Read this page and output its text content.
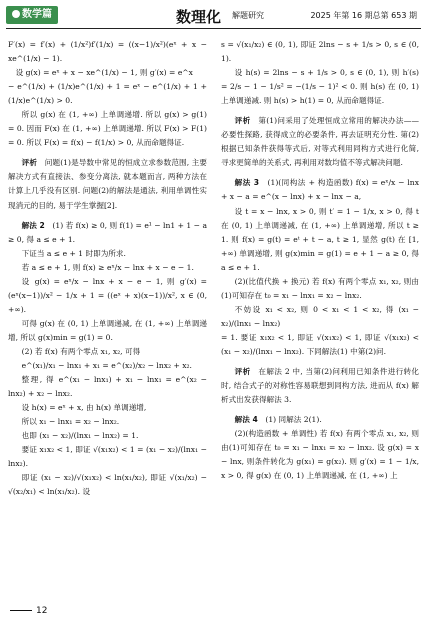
数学篇	数理化 解题研究	2025 年第 16 期总第 653 期

F′(x) = f′(x) + (1/x²)f′(1/x) = ((x−1)/x²)(eˣ + x − xe^(1/x) − 1).

　设 g(x) = eˣ + x − xe^(1/x) − 1, 则 g′(x) = e^x

− e^(1/x) + (1/x)e^(1/x) + 1 = eˣ − e^(1/x) + 1 + (1/x)e^(1/x) > 0.

所以 g(x) 在 (1, +∞) 上单调递增. 所以 g(x) > g(1) = 0. 因而 F(x) 在 (1, +∞) 上单调递增. 所以 F(x) > F(1) = 0. 所以 F(x) = f(x) − f(1/x) > 0, 从而命题得证.

评析　问题(1)是导数中常见的恒成立求参数范围, 主要解决方式有直接法、参变分离法, 就本题而言, 两种方法在计算上几乎没有区别. 问题(2)的解法是通法, 利用单调性实现消元的目的, 易于学生掌握[2].

解法 2　(1) 若 f(x) ≥ 0, 则 f(1) = e¹ − ln1 + 1 − a ≥ 0, 得 a ≤ e + 1.

下证当 a ≤ e + 1 时即为所求.

若 a ≤ e + 1, 则 f(x) ≥ eˣ/x − lnx + x − e − 1.

设 g(x) = eˣ/x − lnx + x − e − 1, 则 g′(x) = (eˣ(x−1))/x² − 1/x + 1 = ((eˣ + x)(x−1))/x², x ∈ (0, +∞).

可得 g(x) 在 (0, 1) 上单调递减, 在 (1, +∞) 上单调递增, 所以 g(x)min = g(1) = 0.

(2) 若 f(x) 有两个零点 x₁, x₂, 可得

e^(x₁)/x₁ − lnx₁ + x₁ = e^(x₂)/x₂ − lnx₂ + x₂.

整理, 得 e^(x₁ − lnx₁) + x₁ − lnx₁ = e^(x₂ − lnx₂) + x₂ − lnx₂.

设 h(x) = eˣ + x, 由 h(x) 单调递增,

所以 x₁ − lnx₁ = x₂ − lnx₂.

也即 (x₁ − x₂)/(lnx₁ − lnx₂) = 1.

要证 x₁x₂ < 1, 即证 √(x₁x₂) < 1 = (x₁ − x₂)/(lnx₁ − lnx₂).

即证 (x₁ − x₂)/√(x₁x₂) < ln(x₁/x₂), 即证 √(x₁/x₂) − √(x₂/x₁) < ln(x₁/x₂). 设

s = √(x₁/x₂) ∈ (0, 1), 即证 2lns − s + 1/s > 0, s ∈ (0, 1).

设 h(s) = 2lns − s + 1/s > 0, s ∈ (0, 1), 则 h′(s) = 2/s − 1 − 1/s² = −(1/s − 1)² < 0. 则 h(s) 在 (0, 1) 上单调递减. 则 h(s) > h(1) = 0, 从而命题得证.

评析　第(1)问采用了处理恒成立常用的解决办法——必要性探路, 获得成立的必要条件, 再去证明充分性. 第(2)根据已知条件获得等式后, 对等式利用同构方式进行化简, 寻求更简单的关系式, 再利用对数均值不等式解决问题.

解法 3　(1)(同构法 + 构造函数) f(x) = eˣ/x − lnx + x − a = e^(x − lnx) + x − lnx − a,

设 t = x − lnx, x > 0, 则 t′ = 1 − 1/x, x > 0, 得 t 在 (0, 1) 上单调递减, 在 (1, +∞) 上单调递增, 所以 t ≥ 1. 则 f(x) = g(t) = eᵗ + t − a, t ≥ 1, 显然 g(t) 在 [1, +∞) 单调递增, 则 g(x)min = g(1) = e + 1 − a ≥ 0, 得 a ≤ e + 1.

(2)(比值代换 + 换元) 若 f(x) 有两个零点 x₁, x₂, 则由(1)可知存在 t₀ = x₁ − lnx₁ = x₂ − lnx₂.

不妨设 x₁ < x₂, 则 0 < x₁ < 1 < x₂, 得 (x₁ − x₂)/(lnx₁ − lnx₂)

= 1. 要证 x₁x₂ < 1, 即证 √(x₁x₂) < 1, 即证 √(x₁x₂) < (x₁ − x₂)/(lnx₁ − lnx₂). 下同解法(1) 中第(2)问.

评析　在解法 2 中, 当第(2)问利用已知条件进行转化时, 结合式子的对称性容易联想到同构方法, 进而从 f(x) 解析式出发获得解法 3.

解法 4　(1) 同解法 2(1).

(2)(构造函数 + 单调性) 若 f(x) 有两个零点 x₁, x₂, 则由(1)可知存在 t₀ = x₁ − lnx₁ = x₂ − lnx₂. 设 g(x) = x − lnx, 则条件转化为 g(x₁) = g(x₂). 则 g′(x) = 1 − 1/x, x > 0, 得 g(x) 在 (0, 1) 上单调递减, 在 (1, +∞) 上

12
